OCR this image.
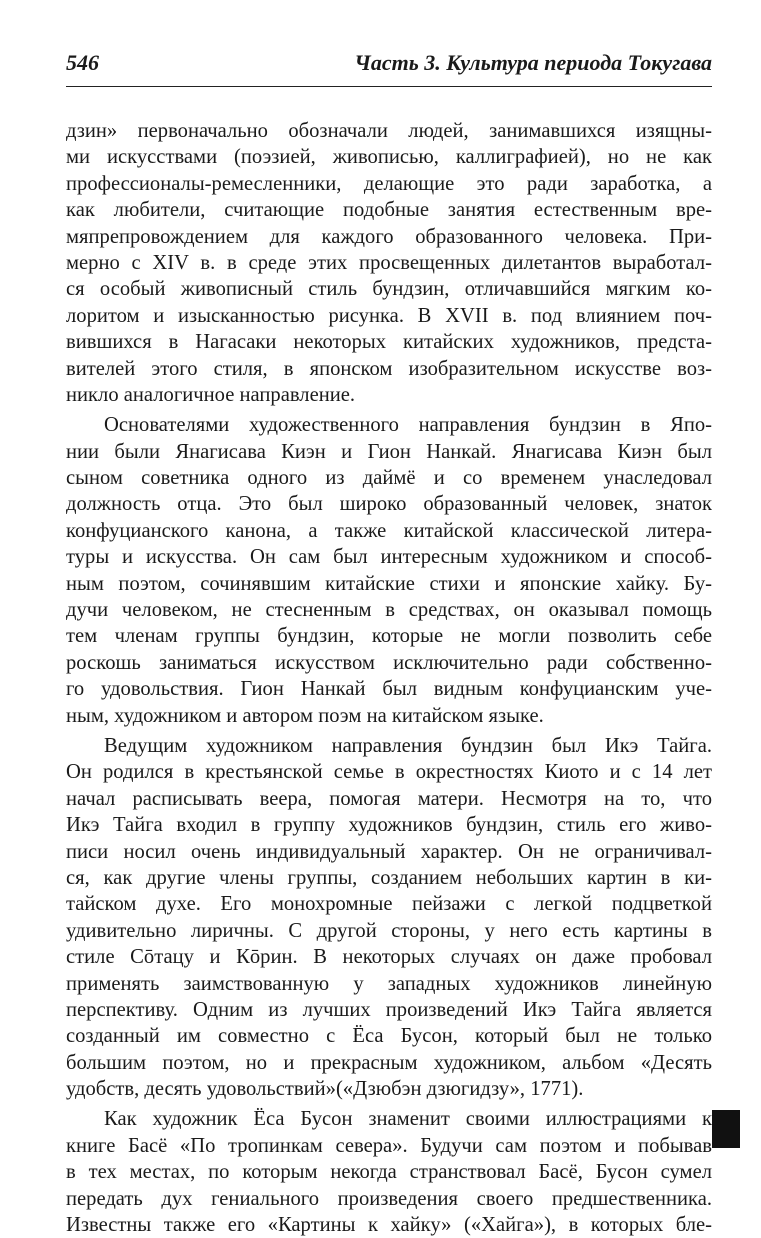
546	Часть 3. Культура периода Токугава
дзин» первоначально обозначали людей, занимавшихся изящны-
ми искусствами (поэзией, живописью, каллиграфией), но не как
профессионалы-ремесленники, делающие это ради заработка, а
как любители, считающие подобные занятия естественным вре-
мяпрепровождением для каждого образованного человека. При-
мерно с XIV в. в среде этих просвещенных дилетантов выработал-
ся особый живописный стиль бундзин, отличавшийся мягким ко-
лоритом и изысканностью рисунка. В XVII в. под влиянием поч-
вившихся в Нагасаки некоторых китайских художников, предста-
вителей этого стиля, в японском изобразительном искусстве воз-
никло аналогичное направление.
Основателями художественного направления бундзин в Япо-
нии были Янагисава Киэн и Гион Нанкай. Янагисава Киэн был
сыном советника одного из даймё и со временем унаследовал
должность отца. Это был широко образованный человек, знаток
конфуцианского канона, а также китайской классической литера-
туры и искусства. Он сам был интересным художником и способ-
ным поэтом, сочинявшим китайские стихи и японские хайку. Бу-
дучи человеком, не стесненным в средствах, он оказывал помощь
тем членам группы бундзин, которые не могли позволить себе
роскошь заниматься искусством исключительно ради собственно-
го удовольствия. Гион Нанкай был видным конфуцианским уче-
ным, художником и автором поэм на китайском языке.
Ведущим художником направления бундзин был Икэ Тайга.
Он родился в крестьянской семье в окрестностях Киото и с 14 лет
начал расписывать веера, помогая матери. Несмотря на то, что
Икэ Тайга входил в группу художников бундзин, стиль его живо-
писи носил очень индивидуальный характер. Он не ограничивал-
ся, как другие члены группы, созданием небольших картин в ки-
тайском духе. Его монохромные пейзажи с легкой подцветкой
удивительно лиричны. С другой стороны, у него есть картины в
стиле Сōтацу и Кōрин. В некоторых случаях он даже пробовал
применять заимствованную у западных художников линейную
перспективу. Одним из лучших произведений Икэ Тайга является
созданный им совместно с Ёса Бусон, который был не только
большим поэтом, но и прекрасным художником, альбом «Десять
удобств, десять удовольствий»(«Дзюбэн дзюгидзу», 1771).
Как художник Ёса Бусон знаменит своими иллюстрациями к
книге Басё «По тропинкам севера». Будучи сам поэтом и побывав
в тех местах, по которым некогда странствовал Басё, Бусон сумел
передать дух гениального произведения своего предшественника.
Известны также его «Картины к хайку» («Хайга»), в которых бле-
